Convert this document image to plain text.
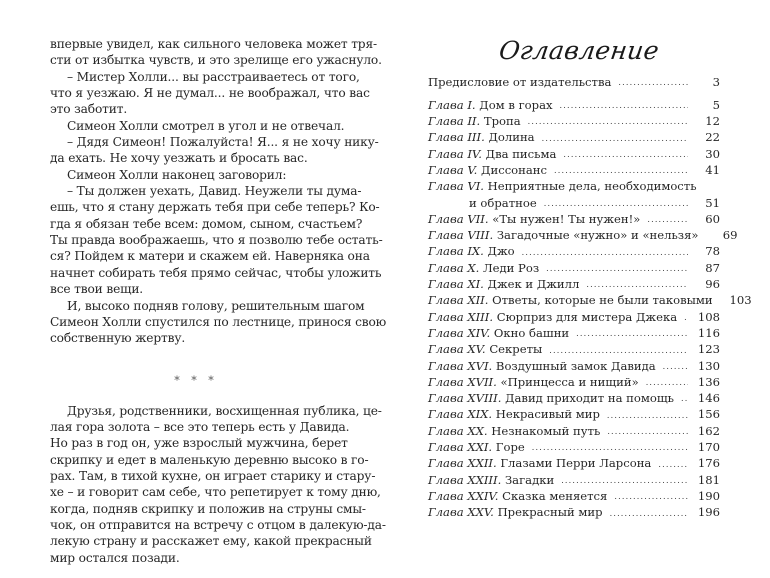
впервые увидел, как сильного человека может тря-
сти от избытка чувств, и это зрелище его ужаснуло.
– Мистер Холли... вы расстраиваетесь от того,
что я уезжаю. Я не думал... не воображал, что вас
это заботит.
Симеон Холли смотрел в угол и не отвечал.
– Дядя Симеон! Пожалуйста! Я... я не хочу нику-
да ехать. Не хочу уезжать и бросать вас.
Симеон Холли наконец заговорил:
– Ты должен уехать, Давид. Неужели ты дума-
ешь, что я стану держать тебя при себе теперь? Ко-
гда я обязан тебе всем: домом, сыном, счастьем?
Ты правда воображаешь, что я позволю тебе остать-
ся? Пойдем к матери и скажем ей. Наверняка она
начнет собирать тебя прямо сейчас, чтобы уложить
все твои вещи.
И, высоко подняв голову, решительным шагом
Симеон Холли спустился по лестнице, принося свою
собственную жертву.
* * *
Друзья, родственники, восхищенная публика, це-
лая гора золота – все это теперь есть у Давида.
Но раз в год он, уже взрослый мужчина, берет
скрипку и едет в маленькую деревню высоко в го-
рах. Там, в тихой кухне, он играет старику и стару-
хе – и говорит сам себе, что репетирует к тому дню,
когда, подняв скрипку и положив на струны смы-
чок, он отправится на встречу с отцом в далекую-да-
лекую страну и расскажет ему, какой прекрасный
мир остался позади.
Оглавление
Предисловие от издательства .....	3
Глава I. Дом в горах .....	5
Глава II. Тропа .....	12
Глава III. Долина .....	22
Глава IV. Два письма .....	30
Глава V. Диссонанс .....	41
Глава VI. Неприятные дела, необходимость
и обратное .....	51
Глава VII. «Ты нужен! Ты нужен!» .....	60
Глава VIII. Загадочные «нужно» и «нельзя»	69
Глава IX. Джо .....	78
Глава X. Леди Роз .....	87
Глава XI. Джек и Джилл .....	96
Глава XII. Ответы, которые не были таковыми	103
Глава XIII. Сюрприз для мистера Джека .....	108
Глава XIV. Окно башни .....	116
Глава XV. Секреты .....	123
Глава XVI. Воздушный замок Давида .....	130
Глава XVII. «Принцесса и нищий» .....	136
Глава XVIII. Давид приходит на помощь .....	146
Глава XIX. Некрасивый мир .....	156
Глава XX. Незнакомый путь .....	162
Глава XXI. Горе .....	170
Глава XXII. Глазами Перри Ларсона .....	176
Глава XXIII. Загадки .....	181
Глава XXIV. Сказка меняется .....	190
Глава XXV. Прекрасный мир .....	196
